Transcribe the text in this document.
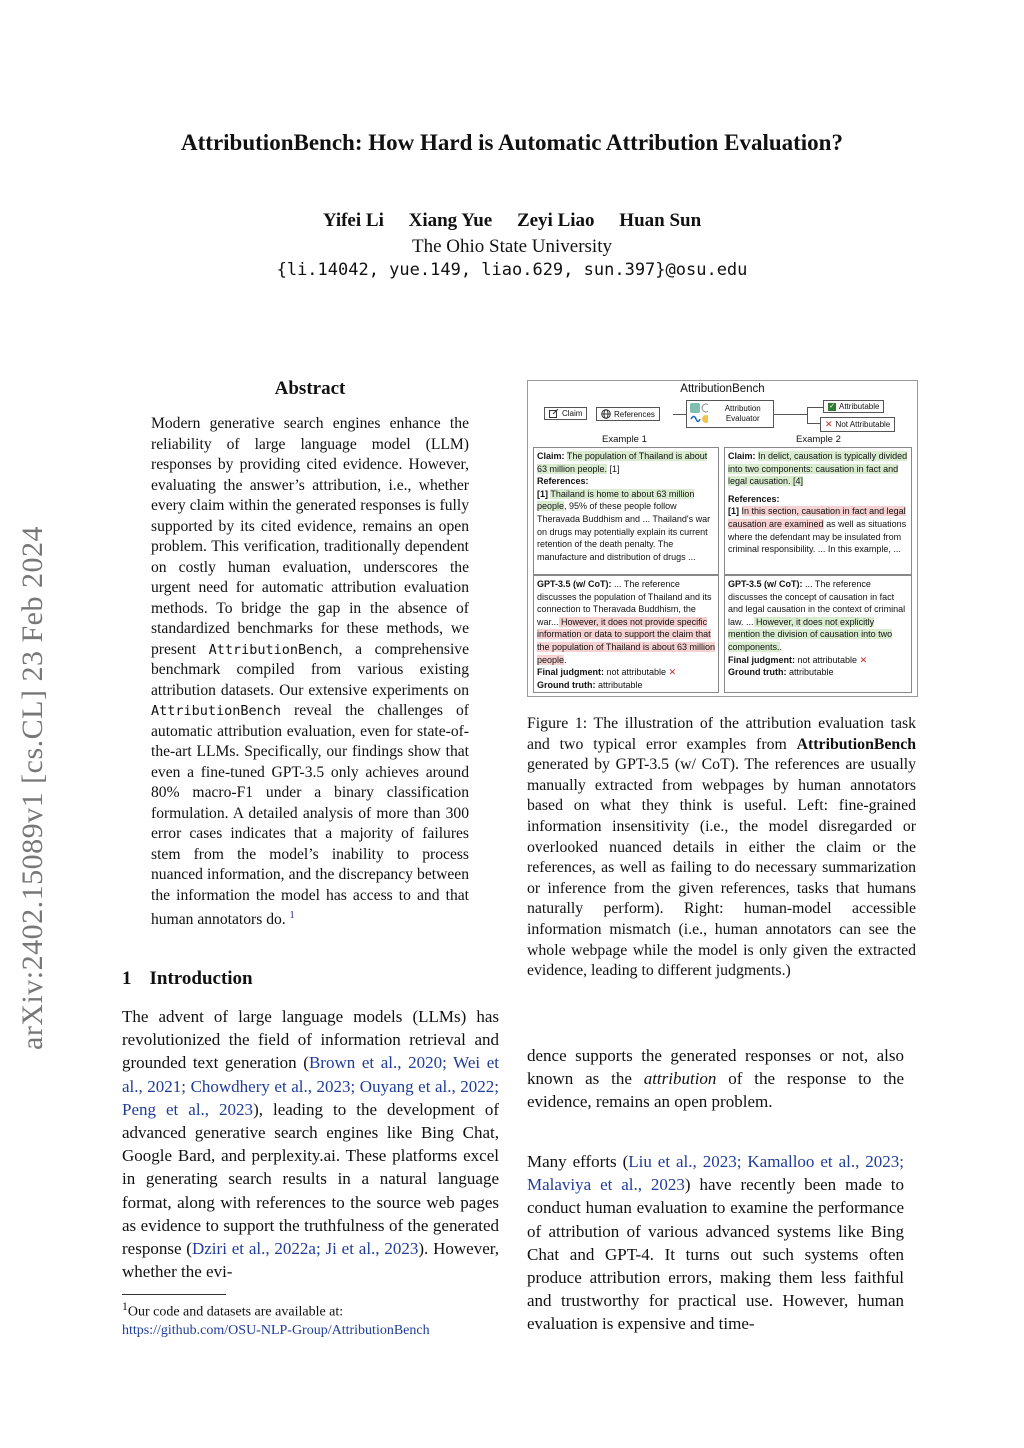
AttributionBench: How Hard is Automatic Attribution Evaluation?
Yifei Li Xiang Yue Zeyi Liao Huan Sun
The Ohio State University
{li.14042, yue.149, liao.629, sun.397}@osu.edu
arXiv:2402.15089v1 [cs.CL] 23 Feb 2024
Abstract
Modern generative search engines enhance the reliability of large language model (LLM) responses by providing cited evidence. However, evaluating the answer’s attribution, i.e., whether every claim within the generated responses is fully supported by its cited evidence, remains an open problem. This verification, traditionally dependent on costly human evaluation, underscores the urgent need for automatic attribution evaluation methods. To bridge the gap in the absence of standardized benchmarks for these methods, we present AttributionBench, a comprehensive benchmark compiled from various existing attribution datasets. Our extensive experiments on AttributionBench reveal the challenges of automatic attribution evaluation, even for state-of-the-art LLMs. Specifically, our findings show that even a fine-tuned GPT-3.5 only achieves around 80% macro-F1 under a binary classification formulation. A detailed analysis of more than 300 error cases indicates that a majority of failures stem from the model’s inability to process nuanced information, and the discrepancy between the information the model has access to and that human annotators do. $^1$
1 Introduction
The advent of large language models (LLMs) has revolutionized the field of information retrieval and grounded text generation (Brown et al., 2020; Wei et al., 2021; Chowdhery et al., 2023; Ouyang et al., 2022; Peng et al., 2023), leading to the development of advanced generative search engines like Bing Chat, Google Bard, and perplexity.ai. These platforms excel in generating search results in a natural language format, along with references to the source web pages as evidence to support the truthfulness of the generated response (Dziri et al., 2022a; Ji et al., 2023). However, whether the evi-
$^1$Our code and datasets are available at:
https://github.com/OSU-NLP-Group/AttributionBench
AttributionBench
Claim	References
Attribution Evaluator
✓ Attributable
✕ Not Attributable
Example 1	Example 2
Claim: The population of Thailand is about 63 million people. [1]
References:
[1] Thailand is home to about 63 million people, 95% of these people follow Theravada Buddhism and ... Thailand's war on drugs may potentially explain its current retention of the death penalty. The manufacture and distribution of drugs ...
GPT-3.5 (w/ CoT): ... The reference discusses the population of Thailand and its connection to Theravada Buddhism, the war... However, it does not provide specific information or data to support the claim that the population of Thailand is about 63 million people.
Final judgment: not attributable ✕
Ground truth: attributable
Claim: In delict, causation is typically divided into two components: causation in fact and legal causation. [4]

References:
[1] In this section, causation in fact and legal causation are examined as well as situations where the defendant may be insulated from criminal responsibility. ... In this example, ...
GPT-3.5 (w/ CoT): ... The reference discusses the concept of causation in fact and legal causation in the context of criminal law. ... However, it does not explicitly mention the division of causation into two components..
Final judgment: not attributable ✕
Ground truth: attributable
Figure 1: The illustration of the attribution evaluation task and two typical error examples from AttributionBench generated by GPT-3.5 (w/ CoT). The references are usually manually extracted from webpages by human annotators based on what they think is useful. Left: fine-grained information insensitivity (i.e., the model disregarded or overlooked nuanced details in either the claim or the references, as well as failing to do necessary summarization or inference from the given references, tasks that humans naturally perform). Right: human-model accessible information mismatch (i.e., human annotators can see the whole webpage while the model is only given the extracted evidence, leading to different judgments.)
dence supports the generated responses or not, also known as the attribution of the response to the evidence, remains an open problem.
Many efforts (Liu et al., 2023; Kamalloo et al., 2023; Malaviya et al., 2023) have recently been made to conduct human evaluation to examine the performance of attribution of various advanced systems like Bing Chat and GPT-4. It turns out such systems often produce attribution errors, making them less faithful and trustworthy for practical use. However, human evaluation is expensive and time-
